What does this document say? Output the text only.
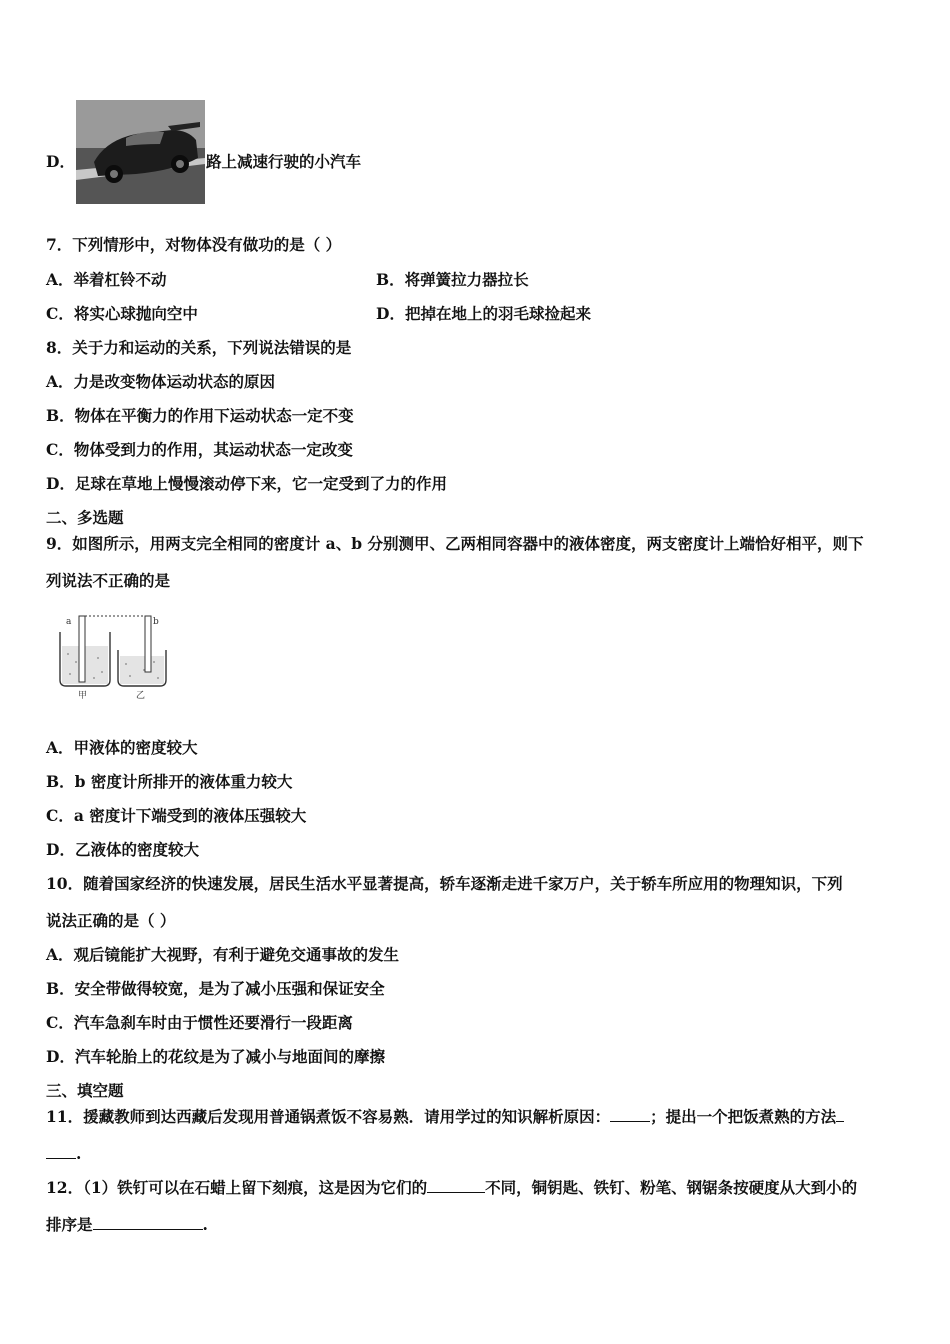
D．	路上减速行驶的小汽车
7．下列情形中，对物体没有做功的是（ ）
A．举着杠铃不动	B．将弹簧拉力器拉长
C．将实心球抛向空中	D．把掉在地上的羽毛球捡起来
8．关于力和运动的关系，下列说法错误的是
A．力是改变物体运动状态的原因
B．物体在平衡力的作用下运动状态一定不变
C．物体受到力的作用，其运动状态一定改变
D．足球在草地上慢慢滚动停下来，它一定受到了力的作用
二、多选题
9．如图所示，用两支完全相同的密度计 a、b 分别测甲、乙两相同容器中的液体密度，两支密度计上端恰好相平，则下
列说法不正确的是
a	b
甲	乙
A．甲液体的密度较大
B．b 密度计所排开的液体重力较大
C．a 密度计下端受到的液体压强较大
D．乙液体的密度较大
10．随着国家经济的快速发展，居民生活水平显著提高，轿车逐渐走进千家万户，关于轿车所应用的物理知识，下列
说法正确的是（ ）
A．观后镜能扩大视野，有利于避免交通事故的发生
B．安全带做得较宽，是为了减小压强和保证安全
C．汽车急刹车时由于惯性还要滑行一段距离
D．汽车轮胎上的花纹是为了减小与地面间的摩擦
三、填空题
11．援藏教师到达西藏后发现用普通锅煮饭不容易熟．请用学过的知识解析原因：	；提出一个把饭煮熟的方法
.
12．（1）铁钉可以在石蜡上留下刻痕，这是因为它们的	不同，铜钥匙、铁钉、粉笔、钢锯条按硬度从大到小的
排序是	.
